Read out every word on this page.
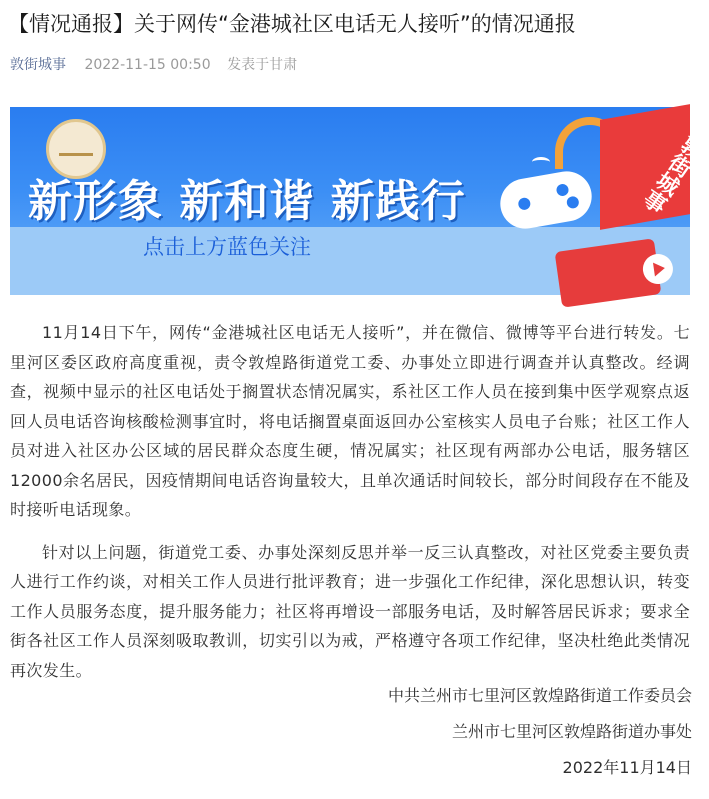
【情况通报】关于网传“金港城社区电话无人接听”的情况通报
敦街城事 2022-11-15 00:50 发表于甘肃
新形象 新和谐 新践行
点击上方蓝色关注
敦街城事

11月14日下午，网传“金港城社区电话无人接听”，并在微信、微博等平台进行转发。七里河区委区政府高度重视，责令敦煌路街道党工委、办事处立即进行调查并认真整改。经调查，视频中显示的社区电话处于搁置状态情况属实，系社区工作人员在接到集中医学观察点返回人员电话咨询核酸检测事宜时，将电话搁置桌面返回办公室核实人员电子台账；社区工作人员对进入社区办公区域的居民群众态度生硬，情况属实；社区现有两部办公电话，服务辖区12000余名居民，因疫情期间电话咨询量较大，且单次通话时间较长，部分时间段存在不能及时接听电话现象。

针对以上问题，街道党工委、办事处深刻反思并举一反三认真整改，对社区党委主要负责人进行工作约谈，对相关工作人员进行批评教育；进一步强化工作纪律，深化思想认识，转变工作人员服务态度，提升服务能力；社区将再增设一部服务电话，及时解答居民诉求；要求全街各社区工作人员深刻吸取教训，切实引以为戒，严格遵守各项工作纪律，坚决杜绝此类情况再次发生。

中共兰州市七里河区敦煌路街道工作委员会
兰州市七里河区敦煌路街道办事处
2022年11月14日
